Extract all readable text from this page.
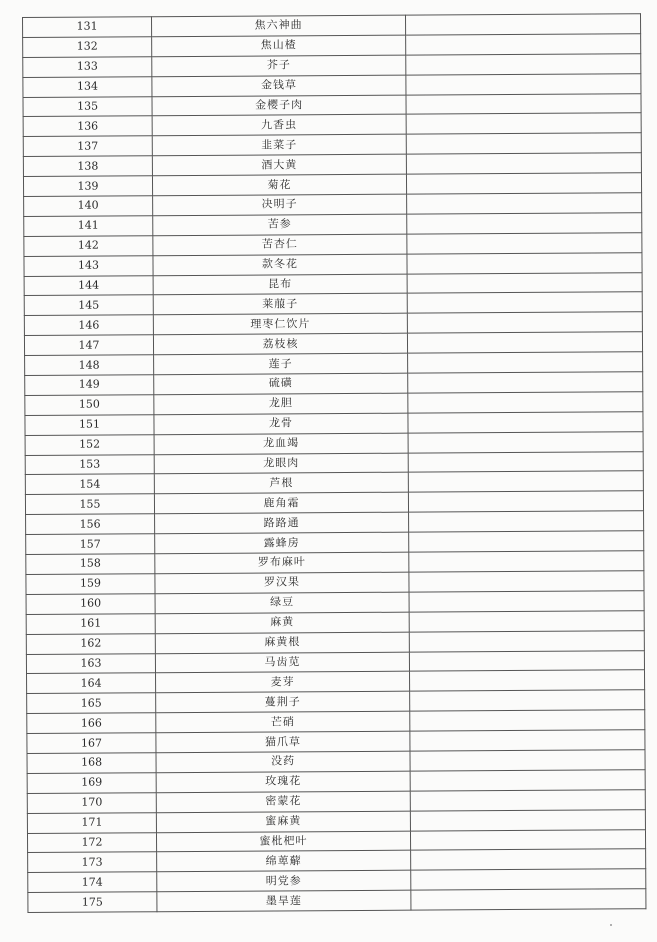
131	焦六神曲	
132	焦山楂	
133	芥子	
134	金钱草	
135	金樱子肉	
136	九香虫	
137	韭菜子	
138	酒大黄	
139	菊花	
140	决明子	
141	苦参	
142	苦杏仁	
143	款冬花	
144	昆布	
145	莱菔子	
146	理枣仁饮片	
147	荔枝核	
148	莲子	
149	硫磺	
150	龙胆	
151	龙骨	
152	龙血竭	
153	龙眼肉	
154	芦根	
155	鹿角霜	
156	路路通	
157	露蜂房	
158	罗布麻叶	
159	罗汉果	
160	绿豆	
161	麻黄	
162	麻黄根	
163	马齿苋	
164	麦芽	
165	蔓荆子	
166	芒硝	
167	猫爪草	
168	没药	
169	玫瑰花	
170	密蒙花	
171	蜜麻黄	
172	蜜枇杷叶	
173	绵萆薢	
174	明党参	
175	墨旱莲	
